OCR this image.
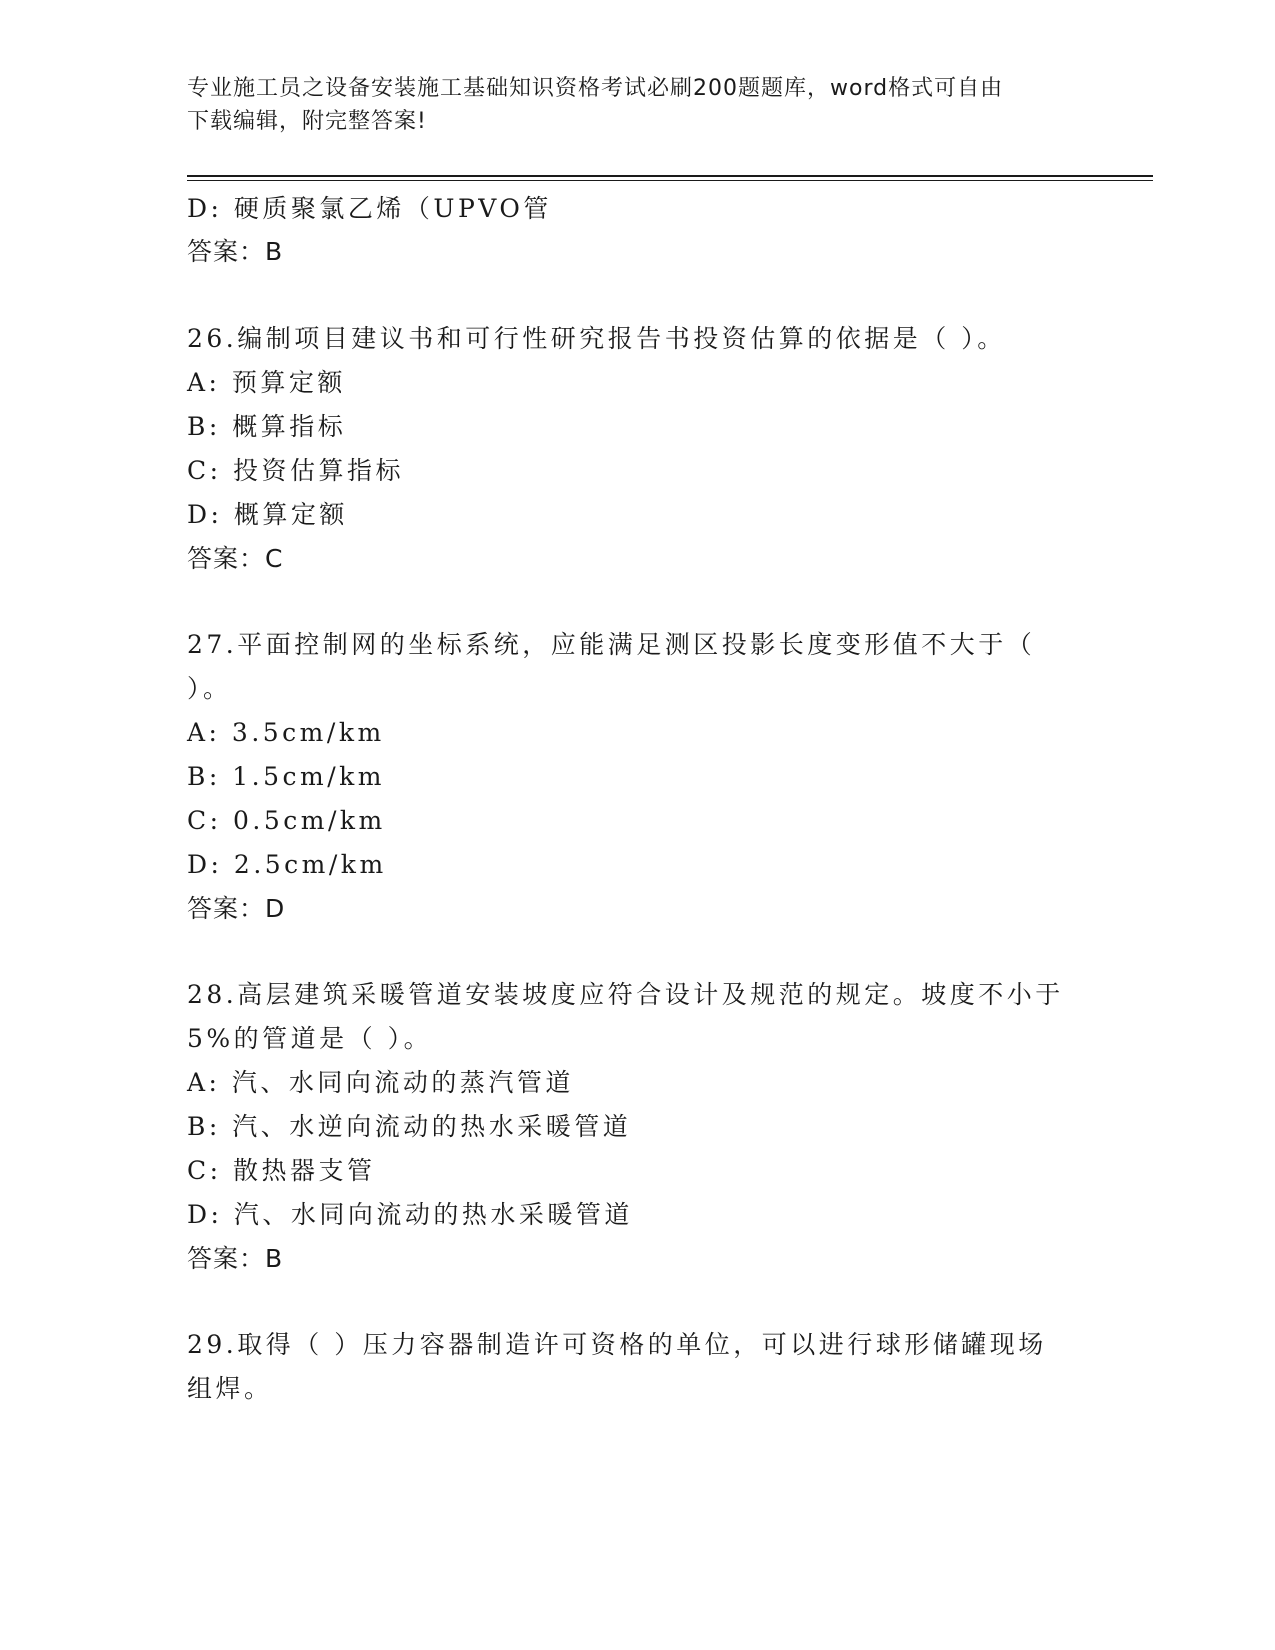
专业施工员之设备安装施工基础知识资格考试必刷200题题库，word格式可自由
下载编辑，附完整答案!
D: 硬质聚氯乙烯（UPVO管
答案：B
26.编制项目建议书和可行性研究报告书投资估算的依据是（ ）。
A: 预算定额
B: 概算指标
C: 投资估算指标
D: 概算定额
答案：C
27.平面控制网的坐标系统，应能满足测区投影长度变形值不大于（
）。
A: 3.5cm/km
B: 1.5cm/km
C: 0.5cm/km
D: 2.5cm/km
答案：D
28.高层建筑采暖管道安装坡度应符合设计及规范的规定。坡度不小于
5%的管道是（ ）。
A: 汽、水同向流动的蒸汽管道
B: 汽、水逆向流动的热水采暖管道
C: 散热器支管
D: 汽、水同向流动的热水采暖管道
答案：B
29.取得（ ）压力容器制造许可资格的单位，可以进行球形储罐现场
组焊。
